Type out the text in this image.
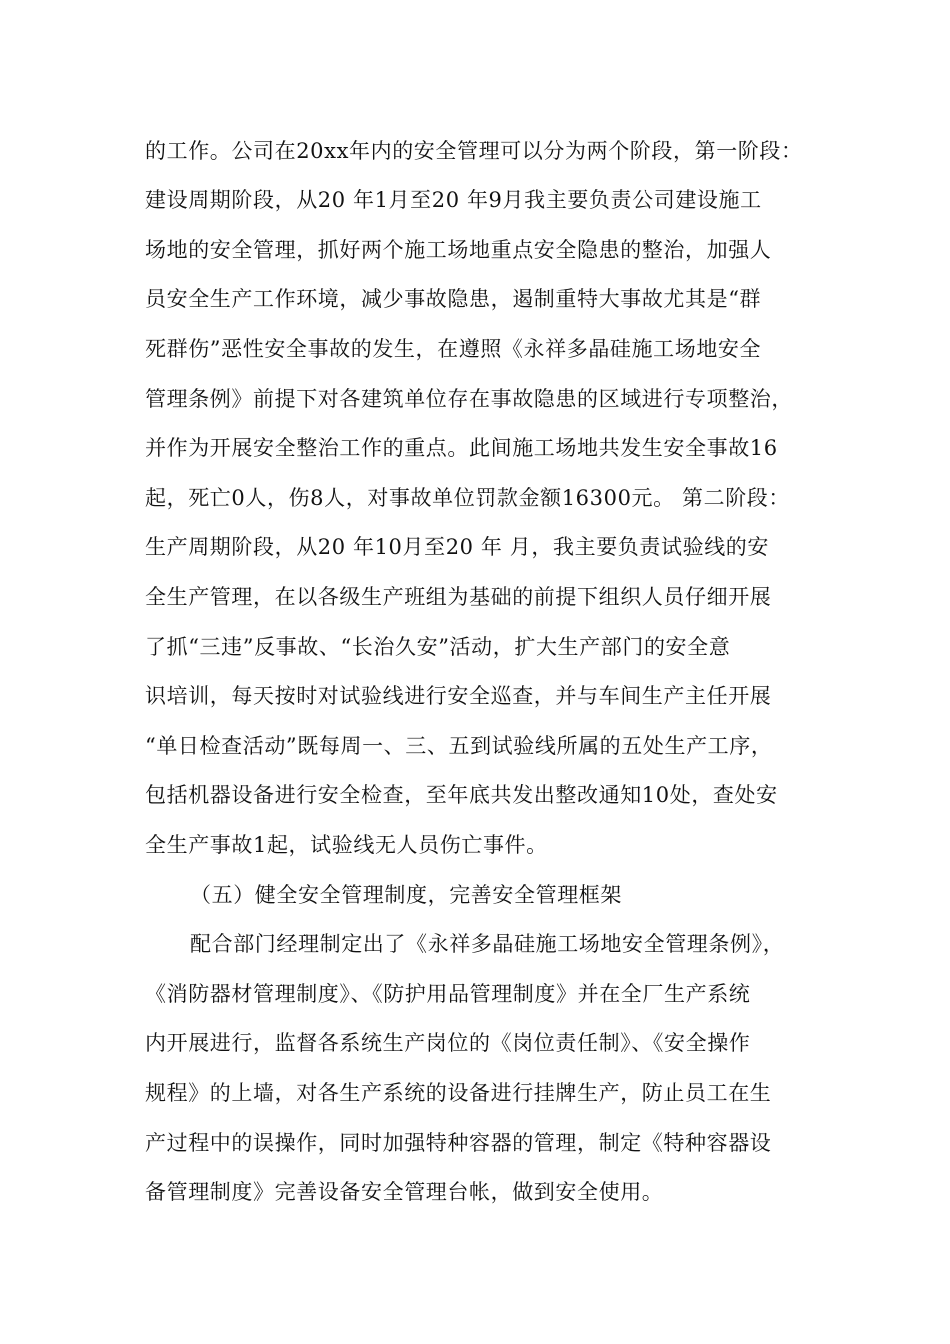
的工作。公司在20xx年内的安全管理可以分为两个阶段，第一阶段：
建设周期阶段，从20 年1月至20 年9月我主要负责公司建设施工
场地的安全管理，抓好两个施工场地重点安全隐患的整治，加强人
员安全生产工作环境，减少事故隐患，遏制重特大事故尤其是“群
死群伤”恶性安全事故的发生，在遵照《永祥多晶硅施工场地安全
管理条例》前提下对各建筑单位存在事故隐患的区域进行专项整治，
并作为开展安全整治工作的重点。此间施工场地共发生安全事故16
起，死亡0人，伤8人，对事故单位罚款金额16300元。 第二阶段：
生产周期阶段，从20 年10月至20 年 月，我主要负责试验线的安
全生产管理，在以各级生产班组为基础的前提下组织人员仔细开展
了抓“三违”反事故、“长治久安”活动，扩大生产部门的安全意
识培训，每天按时对试验线进行安全巡查，并与车间生产主任开展
“单日检查活动”既每周一、三、五到试验线所属的五处生产工序，
包括机器设备进行安全检查，至年底共发出整改通知10处，查处安
全生产事故1起，试验线无人员伤亡事件。
（五）健全安全管理制度，完善安全管理框架
配合部门经理制定出了《永祥多晶硅施工场地安全管理条例》，
《消防器材管理制度》、《防护用品管理制度》并在全厂生产系统
内开展进行，监督各系统生产岗位的《岗位责任制》、《安全操作
规程》的上墙，对各生产系统的设备进行挂牌生产，防止员工在生
产过程中的误操作，同时加强特种容器的管理，制定《特种容器设
备管理制度》完善设备安全管理台帐，做到安全使用。
